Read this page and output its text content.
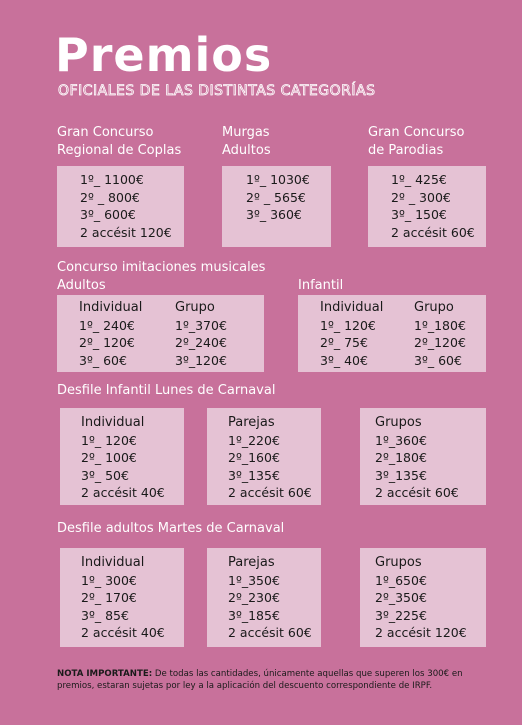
Premios
OFICIALES DE LAS DISTINTAS CATEGORÍAS
Gran Concurso
Regional de Coplas
1º_ 1100€
2º _ 800€
3º_ 600€
2 accésit 120€
Murgas
Adultos
1º_ 1030€
2º _ 565€
3º_ 360€
Gran Concurso
de Parodias
1º_ 425€
2º _ 300€
3º_ 150€
2 accésit 60€
Concurso imitaciones musicales
Adultos
Individual
1º_ 240€
2º_ 120€
3º_ 60€
Grupo
1º_370€
2º_240€
3º_120€
Infantil
Individual
1º_ 120€
2º_ 75€
3º_ 40€
Grupo
1º_180€
2º_120€
3º_ 60€
Desfile Infantil Lunes de Carnaval
Individual
1º_ 120€
2º_ 100€
3º_ 50€
2 accésit 40€
Parejas
1º_220€
2º_160€
3º_135€
2 accésit 60€
Grupos
1º_360€
2º_180€
3º_135€
2 accésit 60€
Desfile adultos Martes de Carnaval
Individual
1º_ 300€
2º_ 170€
3º_ 85€
2 accésit 40€
Parejas
1º_350€
2º_230€
3º_185€
2 accésit 60€
Grupos
1º_650€
2º_350€
3º_225€
2 accésit 120€
NOTA IMPORTANTE: De todas las cantidades, únicamente aquellas que superen los 300€ en premios, estaran sujetas por ley a la aplicación del descuento correspondiente de IRPF.
